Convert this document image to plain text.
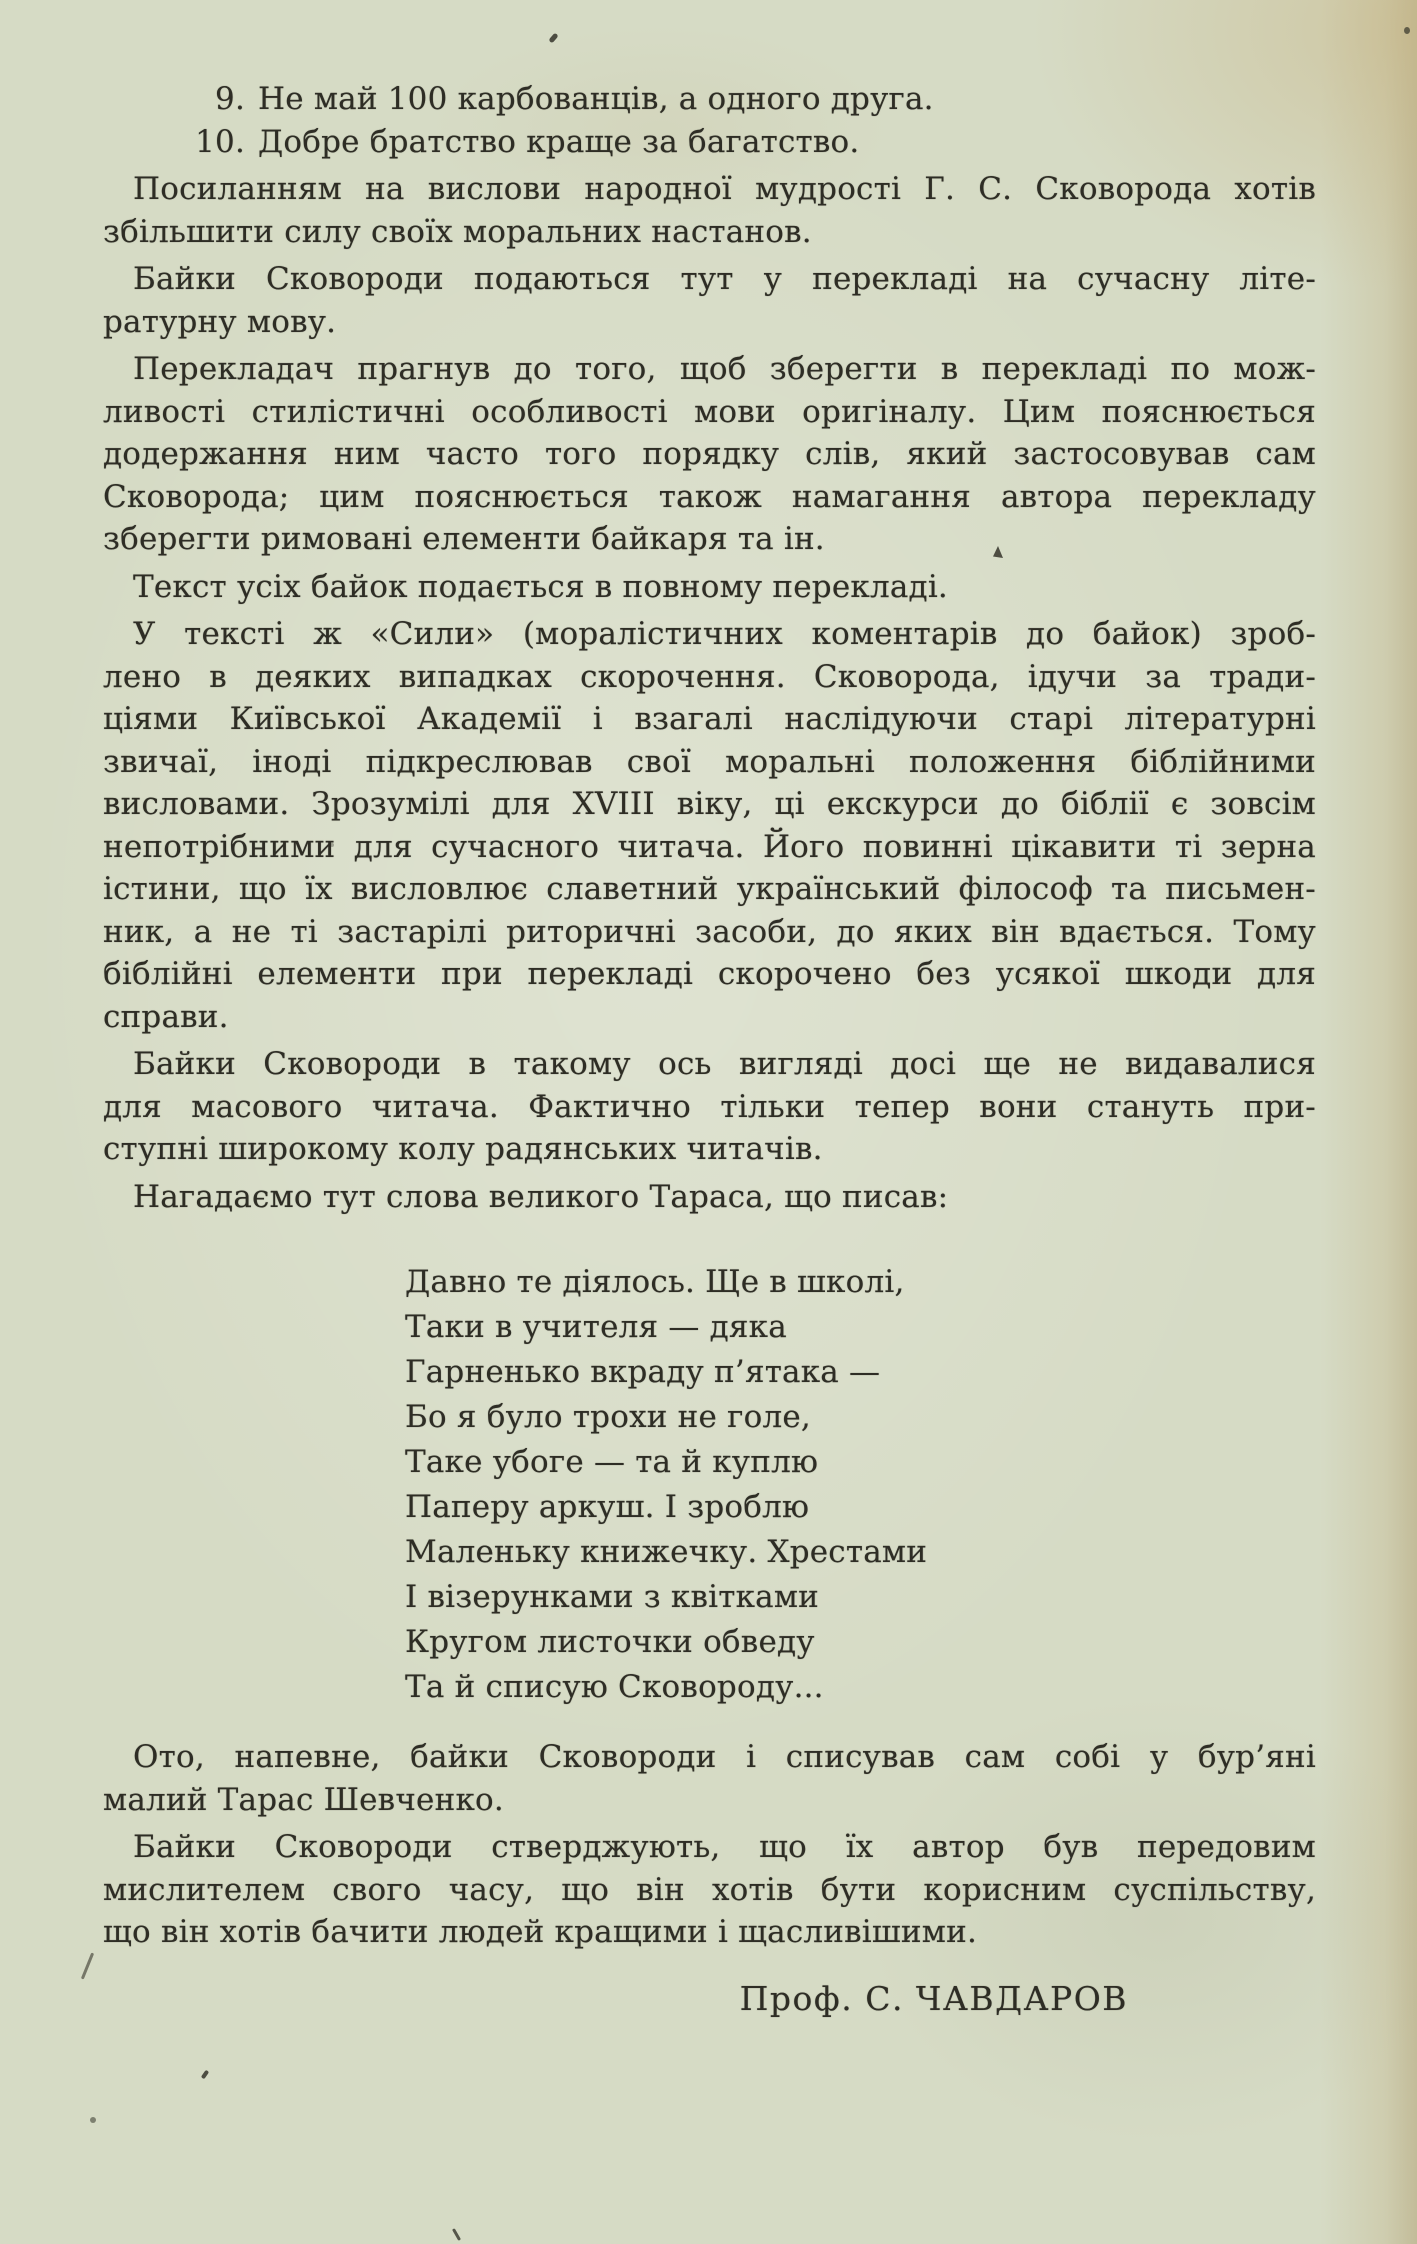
9. Не май 100 карбованців, а одного друга.
10. Добре братство краще за багатство.
Посиланням на вислови народної мудрості Г. С. Сковорода хотів
збільшити силу своїх моральних настанов.
Байки Сковороди подаються тут у перекладі на сучасну літе-
ратурну мову.
Перекладач прагнув до того, щоб зберегти в перекладі по мож-
ливості стилістичні особливості мови оригіналу. Цим пояснюється
додержання ним часто того порядку слів, який застосовував сам
Сковорода; цим пояснюється також намагання автора перекладу
зберегти римовані елементи байкаря та ін.
Текст усіх байок подається в повному перекладі.
У тексті ж «Сили» (моралістичних коментарів до байок) зроб-
лено в деяких випадках скорочення. Сковорода, ідучи за тради-
ціями Київської Академії і взагалі наслідуючи старі літературні
звичаї, іноді підкреслював свої моральні положення біблійними
висловами. Зрозумілі для XVIII віку, ці екскурси до біблії є зовсім
непотрібними для сучасного читача. Його повинні цікавити ті зерна
істини, що їх висловлює славетний український філософ та письмен-
ник, а не ті застарілі риторичні засоби, до яких він вдається. Тому
біблійні елементи при перекладі скорочено без усякої шкоди для
справи.
Байки Сковороди в такому ось вигляді досі ще не видавалися
для масового читача. Фактично тільки тепер вони стануть при-
ступні широкому колу радянських читачів.
Нагадаємо тут слова великого Тараса, що писав:
Давно те діялось. Ще в школі,
Таки в учителя — дяка
Гарненько вкраду п’ятака —
Бо я було трохи не голе,
Таке убоге — та й куплю
Паперу аркуш. І зроблю
Маленьку книжечку. Хрестами
І візерунками з квітками
Кругом листочки обведу
Та й списую Сковороду...
Ото, напевне, байки Сковороди і списував сам собі у бур’яні
малий Тарас Шевченко.
Байки Сковороди стверджують, що їх автор був передовим
мислителем свого часу, що він хотів бути корисним суспільству,
що він хотів бачити людей кращими і щасливішими.
Проф. С. ЧАВДАРОВ
